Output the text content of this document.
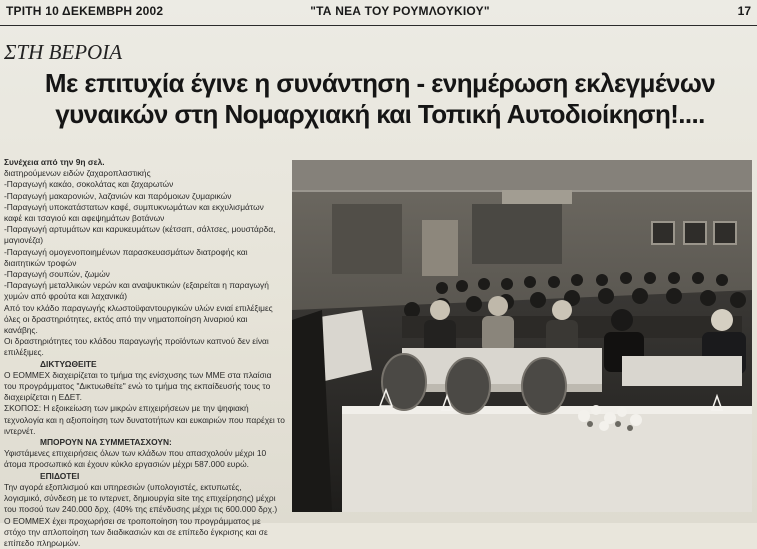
ΤΡΙΤΗ 10 ΔΕΚΕΜΒΡΗ 2002	"ΤΑ ΝΕΑ ΤΟΥ ΡΟΥΜΛΟΥΚΙΟΥ"	17
ΣΤΗ ΒΕΡΟΙΑ
Με επιτυχία έγινε η συνάντηση - ενημέρωση εκλεγμένων
γυναικών στη Νομαρχιακή και Τοπική Αυτοδιοίκηση!....
Συνέχεια από την 9η σελ.

διατηρούμενων ειδών ζαχαροπλαστικής

-Παραγωγή κακάο, σοκολάτας και ζαχαρωτών

-Παραγωγή μακαρονιών, λαζανιών και παρόμοιων ζυμαρικών

-Παραγωγή υποκατάστατων καφέ, συμπυκνωμάτων και εκχυλισμάτων

καφέ και τσαγιού και αφεψημάτων βοτάνων

-Παραγωγή αρτυμάτων και καρυκευμάτων (κέτσαπ, σάλτσες, μουστάρδα,

μαγιονέζα)

-Παραγωγή ομογενοποιημένων παρασκευασμάτων διατροφής και

διαιτητικών τροφών

-Παραγωγή σουπών, ζωμών

-Παραγωγή μεταλλικών νερών και αναψυκτικών (εξαιρείται η παραγωγή

χυμών από φρούτα και λαχανικά)

Από τον κλάδο παραγωγής κλωστοϋφαντουργικών υλών ενιαί επιλέξιμες

όλες οι δραστηριότητες, εκτός από την νηματοποίηση λιναριού και

κανάβης.

Οι δραστηριότητες του κλάδου παραγωγής προϊόντων καπνού δεν είναι

επιλέξιμες.

ΔΙΚΤΥΩΘΕΙΤΕ

Ο ΕΟΜΜΕΧ διαχειρίζεται το τμήμα της ενίσχυσης των ΜΜΕ στα πλαίσια

του προγράμματος "Δικτυωθείτε" ενώ το τμήμα της εκπαίδευσής τους το

διαχειρίζεται η ΕΔΕΤ.

ΣΚΟΠΟΣ: Η εξοικείωση των μικρών επιχειρήσεων με την ψηφιακή

τεχνολογία και η αξιοποίηση των δυνατοτήτων και ευκαιριών που παρέχει το

ιντερνέτ.

ΜΠΟΡΟΥΝ ΝΑ ΣΥΜΜΕΤΑΣΧΟΥΝ:

Υφιστάμενες επιχειρήσεις όλων των κλάδων που απασχολούν μέχρι 10

άτομα προσωπικό και έχουν κύκλο εργασιών μέχρι 587.000 ευρώ.

ΕΠΙΔΟΤΕΙ

Την αγορά εξοπλισμού και υπηρεσιών (υπολογιστές, εκτυπωτές,

λογισμικό, σύνδεση με το ιντερνετ, δημιουργία site της επιχείρησης) μέχρι

του ποσού των 240.000 δρχ. (40% της επένδυσης μέχρι τις 600.000 δρχ.)

Ο ΕΟΜΜΕΧ έχει προχωρήσει σε τροποποίηση του προγράμματος με

στόχο την απλοποίηση των διαδικασιών και σε επίπεδο έγκρισης και σε

επίπεδο πληρωμών.
